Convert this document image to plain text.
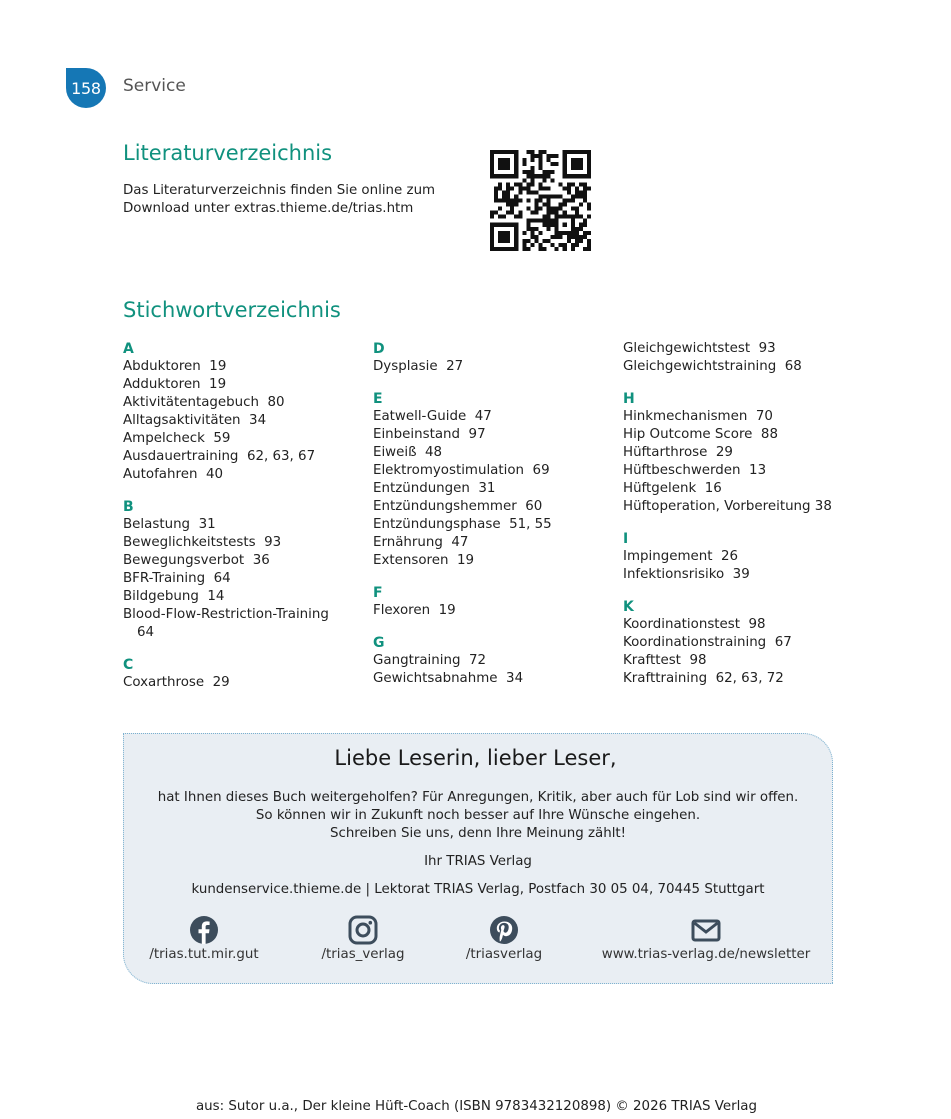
158	Service
Literaturverzeichnis
Das Literaturverzeichnis finden Sie online zum
Download unter extras.thieme.de/trias.htm
Stichwortverzeichnis
A
Abduktoren  19
Adduktoren  19
Aktivitätentagebuch  80
Alltagsaktivitäten  34
Ampelcheck  59
Ausdauertraining  62, 63, 67
Autofahren  40
B
Belastung  31
Beweglichkeitstests  93
Bewegungsverbot  36
BFR-Training  64
Bildgebung  14
Blood-Flow-Restriction-Training 64
C
Coxarthrose  29
D
Dysplasie  27
E
Eatwell-Guide  47
Einbeinstand  97
Eiweiß  48
Elektromyostimulation  69
Entzündungen  31
Entzündungshemmer  60
Entzündungsphase  51, 55
Ernährung  47
Extensoren  19
F
Flexoren  19
G
Gangtraining  72
Gewichtsabnahme  34
Gleichgewichtstest  93
Gleichgewichtstraining  68
H
Hinkmechanismen  70
Hip Outcome Score  88
Hüftarthrose  29
Hüftbeschwerden  13
Hüftgelenk  16
Hüftoperation, Vorbereitung 38
I
Impingement  26
Infektionsrisiko  39
K
Koordinationstest  98
Koordinationstraining  67
Krafttest  98
Krafttraining  62, 63, 72
Liebe Leserin, lieber Leser,
hat Ihnen dieses Buch weitergeholfen? Für Anregungen, Kritik, aber auch für Lob sind wir offen.
So können wir in Zukunft noch besser auf Ihre Wünsche eingehen.
Schreiben Sie uns, denn Ihre Meinung zählt!
Ihr TRIAS Verlag
kundenservice.thieme.de | Lektorat TRIAS Verlag, Postfach 30 05 04, 70445 Stuttgart
/trias.tut.mir.gut	/trias_verlag	/triasverlag	www.trias-verlag.de/newsletter
aus: Sutor u.a., Der kleine Hüft-Coach (ISBN 9783432120898) © 2026 TRIAS Verlag
